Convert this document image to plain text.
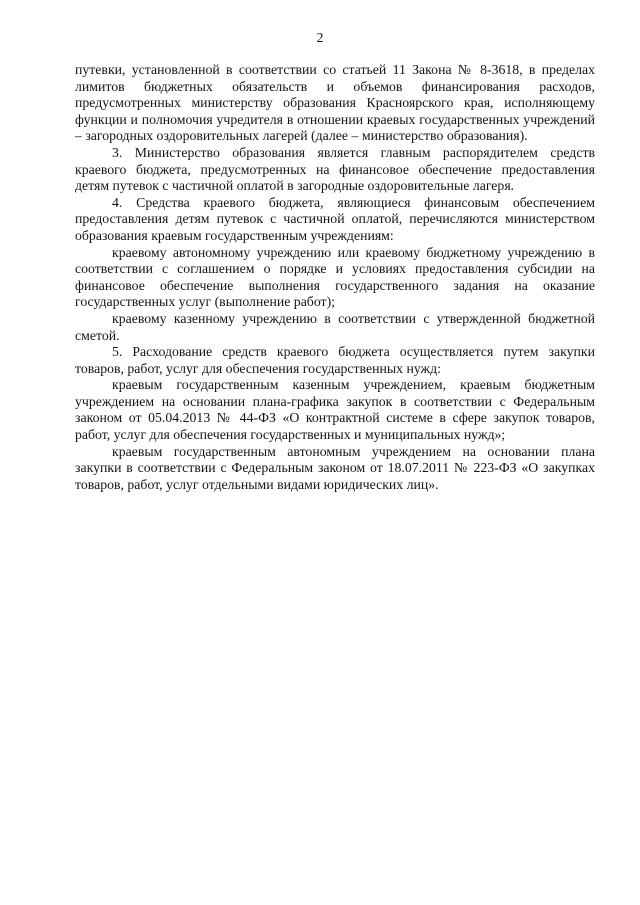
2

путевки, установленной в соответствии со статьей 11 Закона № 8-3618, в пределах лимитов бюджетных обязательств и объемов финансирования расходов, предусмотренных министерству образования Красноярского края, исполняющему функции и полномочия учредителя в отношении краевых государственных учреждений – загородных оздоровительных лагерей (далее – министерство образования).

3. Министерство образования является главным распорядителем средств краевого бюджета, предусмотренных на финансовое обеспечение предоставления детям путевок с частичной оплатой в загородные оздоровительные лагеря.

4. Средства краевого бюджета, являющиеся финансовым обеспечением предоставления детям путевок с частичной оплатой, перечисляются министерством образования краевым государственным учреждениям:

краевому автономному учреждению или краевому бюджетному учреждению в соответствии с соглашением о порядке и условиях предоставления субсидии на финансовое обеспечение выполнения государственного задания на оказание государственных услуг (выполнение работ);

краевому казенному учреждению в соответствии с утвержденной бюджетной сметой.

5. Расходование средств краевого бюджета осуществляется путем закупки товаров, работ, услуг для обеспечения государственных нужд:

краевым государственным казенным учреждением, краевым бюджетным учреждением на основании плана-графика закупок в соответствии с Федеральным законом от 05.04.2013 № 44-ФЗ «О контрактной системе в сфере закупок товаров, работ, услуг для обеспечения государственных и муниципальных нужд»;

краевым государственным автономным учреждением на основании плана закупки в соответствии с Федеральным законом от 18.07.2011 № 223-ФЗ «О закупках товаров, работ, услуг отдельными видами юридических лиц».
